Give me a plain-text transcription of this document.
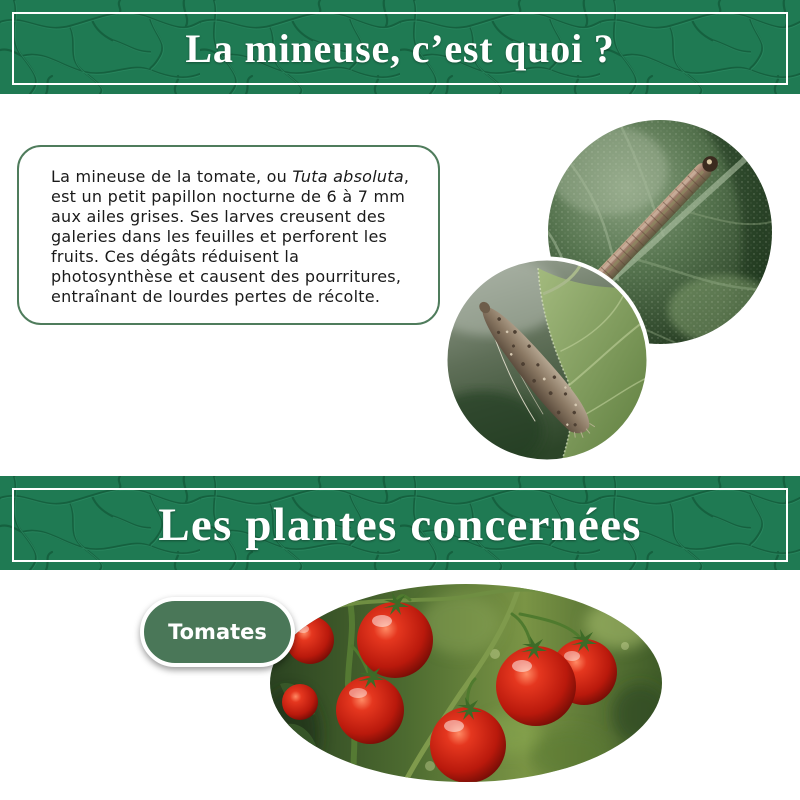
La mineuse, c’est quoi ?
La mineuse de la tomate, ou Tuta absoluta,
est un petit papillon nocturne de 6 à 7 mm
aux ailes grises. Ses larves creusent des
galeries dans les feuilles et perforent les
fruits. Ces dégâts réduisent la
photosynthèse et causent des pourritures,
entraînant de lourdes pertes de récolte.
Les plantes concernées
Tomates
